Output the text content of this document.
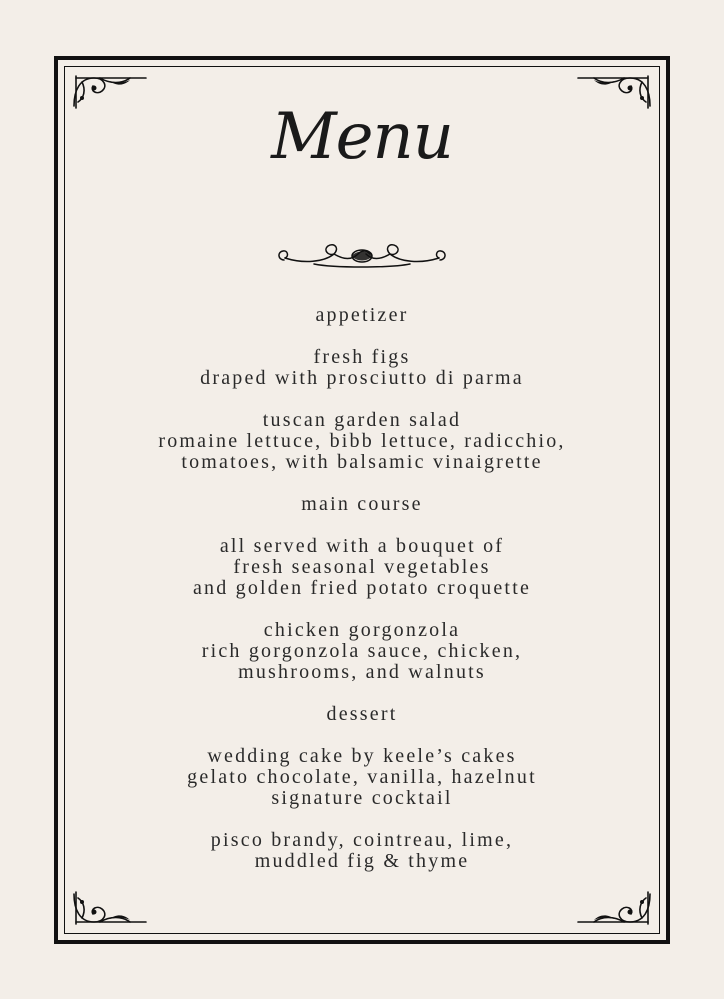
Menu
appetizer
fresh figs
draped with prosciutto di parma
tuscan garden salad
romaine lettuce, bibb lettuce, radicchio,
tomatoes, with balsamic vinaigrette
main course
all served with a bouquet of
fresh seasonal vegetables
and golden fried potato croquette
chicken gorgonzola
rich gorgonzola sauce, chicken,
mushrooms, and walnuts
dessert
wedding cake by keele’s cakes
gelato chocolate, vanilla, hazelnut
signature cocktail
pisco brandy, cointreau, lime,
muddled fig & thyme
